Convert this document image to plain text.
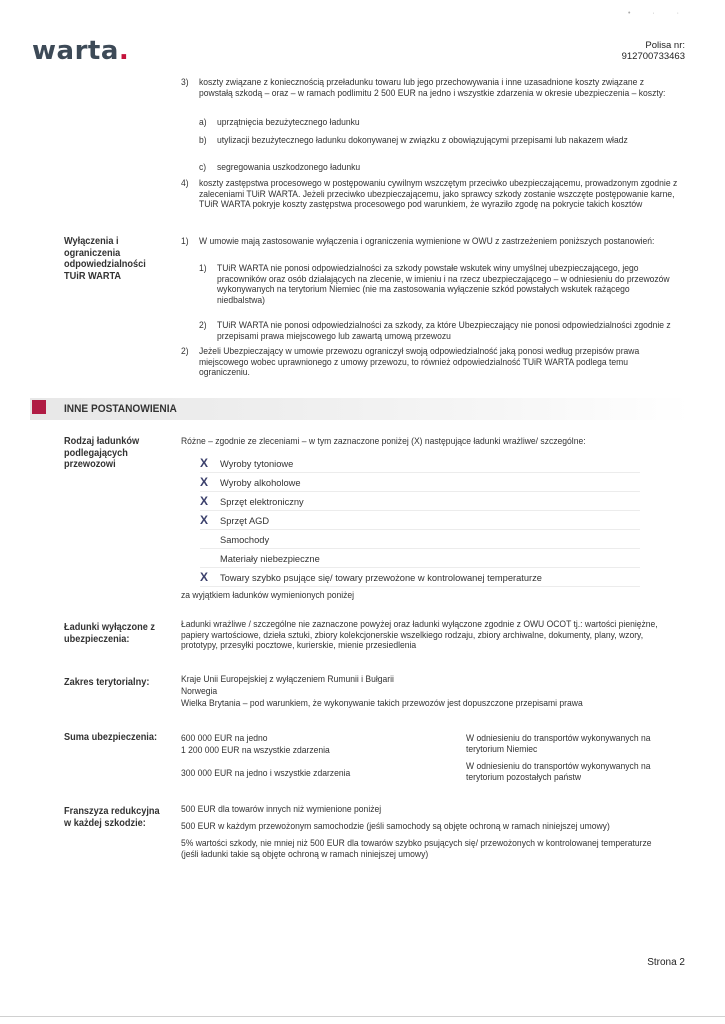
• · ·
warta.	Polisa nr:
912700733463
3) koszty związane z koniecznością przeładunku towaru lub jego przechowywania i inne uzasadnione koszty związane z powstałą szkodą – oraz – w ramach podlimitu 2 500 EUR na jedno i wszystkie zdarzenia w okresie ubezpieczenia – koszty:
a) uprzątnięcia bezużytecznego ładunku
b) utylizacji bezużytecznego ładunku dokonywanej w związku z obowiązującymi przepisami lub nakazem władz
c) segregowania uszkodzonego ładunku
4) koszty zastępstwa procesowego w postępowaniu cywilnym wszczętym przeciwko ubezpieczającemu, prowadzonym zgodnie z zaleceniami TUiR WARTA. Jeżeli przeciwko ubezpieczającemu, jako sprawcy szkody zostanie wszczęte postępowanie karne, TUiR WARTA pokryje koszty zastępstwa procesowego pod warunkiem, że wyraziło zgodę na pokrycie takich kosztów
Wyłączenia i ograniczenia odpowiedzialności TUiR WARTA
1) W umowie mają zastosowanie wyłączenia i ograniczenia wymienione w OWU z zastrzeżeniem poniższych postanowień:
1) TUiR WARTA nie ponosi odpowiedzialności za szkody powstałe wskutek winy umyślnej ubezpieczającego, jego pracowników oraz osób działających na zlecenie, w imieniu i na rzecz ubezpieczającego – w odniesieniu do przewozów wykonywanych na terytorium Niemiec (nie ma zastosowania wyłączenie szkód powstałych wskutek rażącego niedbalstwa)
2) TUiR WARTA nie ponosi odpowiedzialności za szkody, za które Ubezpieczający nie ponosi odpowiedzialności zgodnie z przepisami prawa miejscowego lub zawartą umową przewozu
2) Jeżeli Ubezpieczający w umowie przewozu ograniczył swoją odpowiedzialność jaką ponosi według przepisów prawa miejscowego wobec uprawnionego z umowy przewozu, to również odpowiedzialność TUiR WARTA podlega temu ograniczeniu.
INNE POSTANOWIENIA
Rodzaj ładunków podlegających przewozowi
Różne – zgodnie ze zleceniami – w tym zaznaczone poniżej (X) następujące ładunki wrażliwe/ szczególne:
X Wyroby tytoniowe
X Wyroby alkoholowe
X Sprzęt elektroniczny
X Sprzęt AGD
Samochody
Materiały niebezpieczne
X Towary szybko psujące się/ towary przewożone w kontrolowanej temperaturze
za wyjątkiem ładunków wymienionych poniżej
Ładunki wyłączone z ubezpieczenia:
Ładunki wrażliwe / szczególne nie zaznaczone powyżej oraz ładunki wyłączone zgodnie z OWU OCOT tj.: wartości pieniężne, papiery wartościowe, dzieła sztuki, zbiory kolekcjonerskie wszelkiego rodzaju, zbiory archiwalne, dokumenty, plany, wzory, prototypy, przesyłki pocztowe, kurierskie, mienie przesiedlenia
Zakres terytorialny:	Kraje Unii Europejskiej z wyłączeniem Rumunii i Bułgarii
Norwegia
Wielka Brytania – pod warunkiem, że wykonywanie takich przewozów jest dopuszczone przepisami prawa
Suma ubezpieczenia:	600 000 EUR na jedno
1 200 000 EUR na wszystkie zdarzenia
W odniesieniu do transportów wykonywanych na terytorium Niemiec
300 000 EUR na jedno i wszystkie zdarzenia
W odniesieniu do transportów wykonywanych na terytorium pozostałych państw
Franszyza redukcyjna w każdej szkodzie:
500 EUR dla towarów innych niż wymienione poniżej
500 EUR w każdym przewożonym samochodzie (jeśli samochody są objęte ochroną w ramach niniejszej umowy)
5% wartości szkody, nie mniej niż 500 EUR dla towarów szybko psujących się/ przewożonych w kontrolowanej temperaturze (jeśli ładunki takie są objęte ochroną w ramach niniejszej umowy)
Strona 2
